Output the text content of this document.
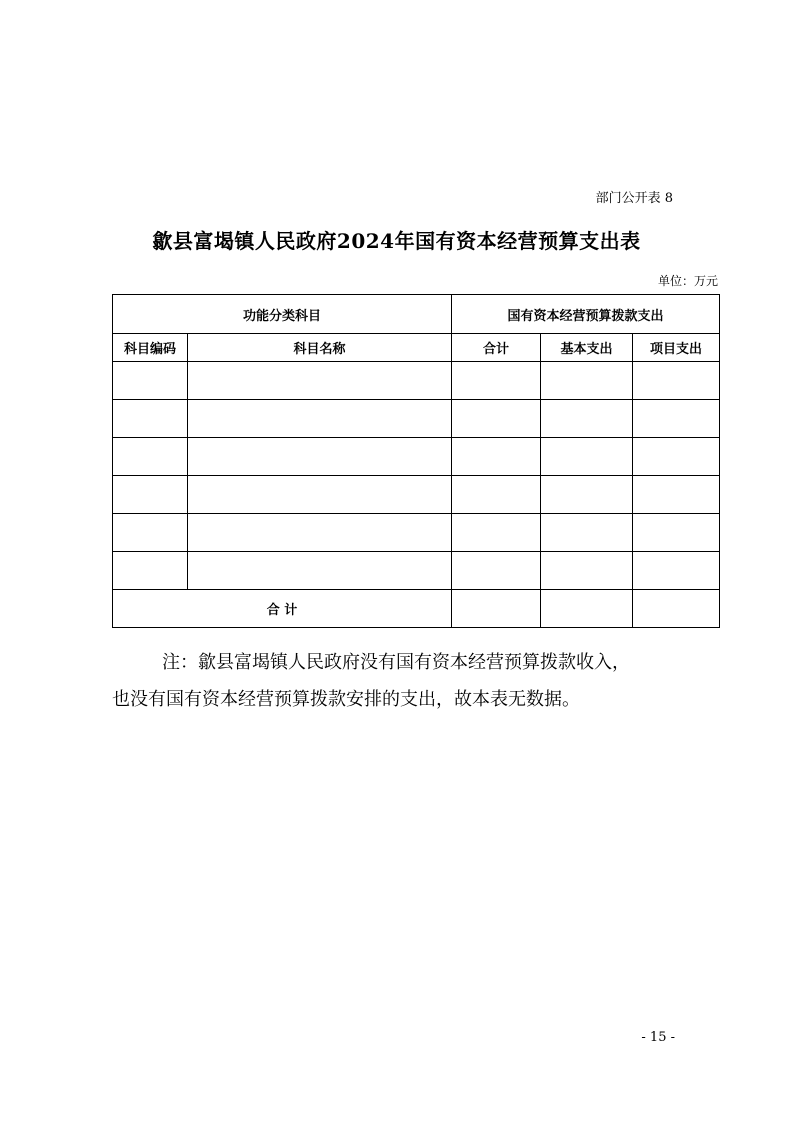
部门公开表 8
歙县富堨镇人民政府2024年国有资本经营预算支出表
单位：万元
功能分类科目		国有资本经营预算拨款支出		
科目编码	科目名称	合计	基本支出	项目支出

合 计				

注：歙县富堨镇人民政府没有国有资本经营预算拨款收入，

也没有国有资本经营预算拨款安排的支出，故本表无数据。

- 15 -
